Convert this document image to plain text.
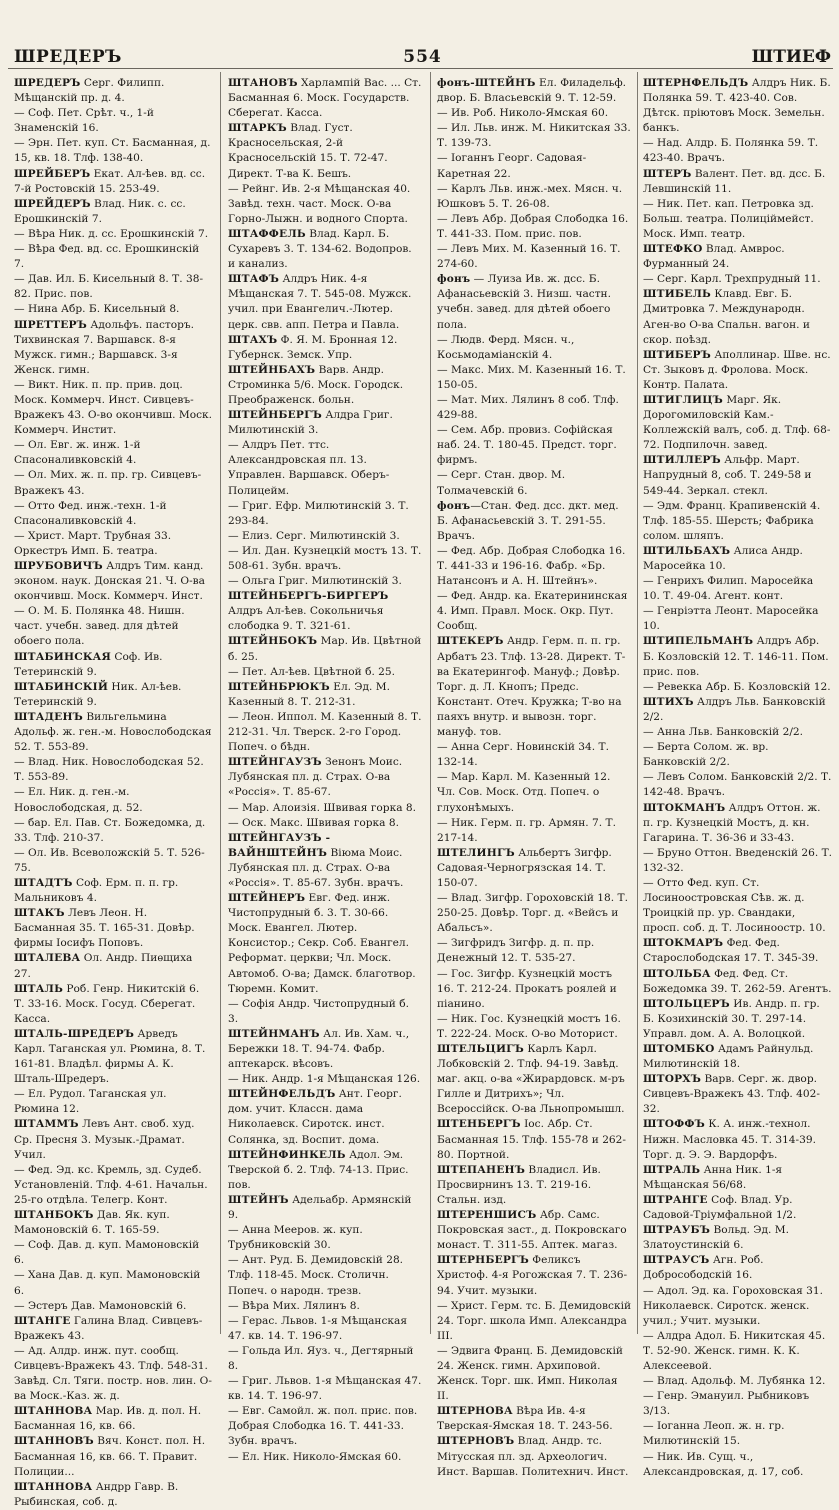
ШРЕДЕРЪ	554	ШТИЕФ

ШРЕДЕРЪ Серг. Филипп. Мѣщанскій пр. д. 4.

— Соф. Пет. Срѣт. ч., 1-й Знаменскій 16.

— Эрн. Пет. куп. Ст. Басманная, д. 15, кв. 18. Тлф. 138-40.

ШРЕЙБЕРЪ Екат. Ал-ѣев. вд. сс. 7-й Ростовскій 15. 253-49.

ШРЕЙДЕРЪ Влад. Ник. с. сс. Ерошкинскій 7.

— Вѣра Ник. д. сс. Ерошкинскій 7.

— Вѣра Фед. вд. сс. Ерошкинскій 7.

— Дав. Ил. Б. Кисельный 8. Т. 38-82. Прис. пов.

— Нина Абр. Б. Кисельный 8.

ШРЕТТЕРЪ Адольфъ. пасторъ. Тихвинская 7. Варшавск. 8-я Мужск. гимн.; Варшавск. 3-я Женск. гимн.

— Викт. Ник. п. пр. прив. доц. Моск. Коммерч. Инст. Сивцевъ-Вражекъ 43. О-во окончивш. Моск. Коммерч. Инстит.

— Ол. Евг. ж. инж. 1-й Спасоналивковскій 4.

— Ол. Мих. ж. п. пр. гр. Сивцевъ-Вражекъ 43.

— Отто Фед. инж.-техн. 1-й Спасоналивковскій 4.

— Христ. Март. Трубная 33. Оркестръ Имп. Б. театра.

ШРУБОВИЧЪ Алдръ Тим. канд. эконом. наук. Донская 21. Ч. О-ва окончивш. Моск. Коммерч. Инст.

— О. М. Б. Полянка 48. Нишн. част. учебн. завед. для дѣтей обоего пола.

ШТАБИНСКАЯ Соф. Ив. Тетеринскій 9.

ШТАБИНСКІЙ Ник. Ал-ѣев. Тетеринскій 9.

ШТАДЕНЪ Вильгельмина Адольф. ж. ген.-м. Новослободская 52. Т. 553-89.

— Влад. Ник. Новослободская 52. Т. 553-89.

— Ел. Ник. д. ген.-м. Новослободская, д. 52.

— бар. Ел. Пав. Ст. Божедомка, д. 33. Тлф. 210-37.

— Ол. Ив. Всеволожскій 5. Т. 526-75.

ШТАДТЪ Соф. Ерм. п. п. гр. Мальниковъ 4.

ШТАКЪ Левъ Леон. Н. Басманная 35. Т. 165-31. Довѣр. фирмы Іосифъ Поповъ.

ШТАЛЕВА Ол. Андр. Пиѳщиха 27.

ШТАЛЬ Роб. Генр. Никитскій 6. Т. 33-16. Моск. Госуд. Сберегат. Касса.

ШТАЛЬ-ШРЕДЕРЪ Арведъ Карл. Таганская ул. Рюмина, 8. Т. 161-81. Владѣл. фирмы А. К. Шталь-Шредеръ.

— Ел. Рудол. Таганская ул. Рюмина 12.

ШТАММЪ Левъ Ант. своб. худ. Ср. Пресня 3. Музык.-Драмат. Учил.

— Фед. Эд. кс. Кремль, зд. Судеб. Установленій. Тлф. 4-61. Начальн. 25-го отдѣла. Телегр. Конт.

ШТАНБОКЪ Дав. Як. куп. Мамоновскій 6. Т. 165-59.

— Соф. Дав. д. куп. Мамоновскій 6.

— Хана Дав. д. куп. Мамоновскій 6.

— Эстеръ Дав. Мамоновскій 6.

ШТАНГЕ Галина Влад. Сивцевъ-Вражекъ 43.

— Ад. Алдр. инж. пут. сообщ. Сивцевъ-Вражекъ 43. Тлф. 548-31. Завѣд. Сл. Тяги. постр. нов. лин. О-ва Моск.-Каз. ж. д.

ШТАННОВА Мар. Ив. д. пол. Н. Басманная 16, кв. 66.

ШТАННОВЪ Вяч. Конст. пол. Н. Басманная 16, кв. 66. Т. Правит. Полиции...

ШТАННОВА Андрр Гавр. В. Рыбинская, соб. д.

ШТАНОВЪ Харлампій Вас. ... Ст. Басманная 6. Моск. Государств. Сберегат. Касса.

ШТАРКЪ Влад. Густ. Красносельская, 2-й Красносельскій 15. Т. 72-47. Директ. Т-ва К. Бешъ.

— Рейнг. Ив. 2-я Мѣщанская 40. Завѣд. техн. част. Моск. О-ва Горно-Лыжн. и водного Спорта.

ШТАФФЕЛЬ Влад. Карл. Б. Сухаревъ 3. Т. 134-62. Водопров. и канализ.

ШТАФЪ Алдръ Ник. 4-я Мѣщанская 7. Т. 545-08. Мужск. учил. при Евангелич.-Лютер. церк. свв. апп. Петра и Павла.

ШТАХЪ Ф. Я. М. Бронная 12. Губернск. Земск. Упр.

ШТЕЙНБАХЪ Варв. Андр. Строминка 5/6. Моск. Городск. Преображенск. больн.

ШТЕЙНБЕРГЪ Алдра Григ. Милютинскій 3.

— Алдръ Пет. ттс. Александровская пл. 13. Управлен. Варшавск. Оберъ-Полицейм.

— Григ. Ефр. Милютинскій 3. Т. 293-84.

— Елиз. Серг. Милютинскій 3.

— Ил. Дан. Кузнецкій мостъ 13. Т. 508-61. Зубн. врачъ.

— Ольга Григ. Милютинскій 3.

ШТЕЙНБЕРГЪ-БИРГЕРЪ Алдръ Ал-ѣев. Сокольничья слободка 9. Т. 321-61.

ШТЕЙНБОКЪ Мар. Ив. Цвѣтной б. 25.

— Пет. Ал-ѣев. Цвѣтной б. 25.

ШТЕЙНБРЮКЪ Ел. Эд. М. Казенный 8. Т. 212-31.

— Леон. Иппол. М. Казенный 8. Т. 212-31. Чл. Тверск. 2-го Город. Попеч. о бѣдн.

ШТЕЙНГАУЗЪ Зенонъ Моис. Лубянская пл. д. Страх. О-ва «Россія». Т. 85-67.

— Мар. Алоизія. Швивая горка 8.

— Оск. Макс. Швивая горка 8.

ШТЕЙНГАУЗЪ - ВАЙНШТЕЙНЪ Віюма Моис. Лубянская пл. д. Страх. О-ва «Россія». Т. 85-67. Зубн. врачъ.

ШТЕЙНЕРЪ Евг. Фед. инж. Чистопрудный б. 3. Т. 30-66. Моск. Евангел. Лютер. Консистор.; Секр. Соб. Евангел. Реформат. церкви; Чл. Моск. Автомоб. О-ва; Дамск. благотвор. Тюремн. Комит.

— Софія Андр. Чистопрудный б. 3.

ШТЕЙНМАНЪ Ал. Ив. Хам. ч., Бережки 18. Т. 94-74. Фабр. аптекарск. вѣсовъ.

— Ник. Андр. 1-я Мѣщанская 126.

ШТЕЙНФЕЛЬДЪ Ант. Георг. дом. учит. Классн. дама Николаевск. Сиротск. инст. Солянка, зд. Воспит. дома.

ШТЕЙНФИНКЕЛЬ Адол. Эм. Тверской б. 2. Тлф. 74-13. Прис. пов.

ШТЕЙНЪ Адельабр. Армянскій 9.

— Анна Мееров. ж. куп. Трубниковскій 30.

— Ант. Руд. Б. Демидовскій 28. Тлф. 118-45. Моск. Столичн. Попеч. о народн. трезв.

— Вѣра Мих. Лялинъ 8.

— Герас. Львов. 1-я Мѣщанская 47. кв. 14. Т. 196-97.

— Гольда Ил. Яуз. ч., Дегтярный 8.

— Григ. Львов. 1-я Мѣщанская 47. кв. 14. Т. 196-97.

— Евг. Самойл. ж. пол. прис. пов. Добрая Слободка 16. Т. 441-33. Зубн. врачъ.

— Ел. Ник. Николо-Ямская 60.

фонъ-ШТЕЙНЪ Ел. Филадельф. двор. Б. Власьевскій 9. Т. 12-59.

— Ив. Роб. Николо-Ямская 60.

— Ил. Льв. инж. М. Никитская 33. Т. 139-73.

— Іоганнъ Георг. Садовая-Каретная 22.

— Карлъ Льв. инж.-мех. Мясн. ч. Юшковъ 5. Т. 26-08.

— Левъ Абр. Добрая Слободка 16. Т. 441-33. Пом. прис. пов.

— Левъ Мих. М. Казенный 16. Т. 274-60.

фонъ — Луиза Ив. ж. дсс. Б. Афанасьевскій 3. Низш. частн. учебн. завед. для дѣтей обоего пола.

— Людв. Ферд. Мясн. ч., Косьмодаміанскій 4.

— Макс. Мих. М. Казенный 16. Т. 150-05.

— Мат. Мих. Лялинъ 8 соб. Тлф. 429-88.

— Сем. Абр. провиз. Софійская наб. 24. Т. 180-45. Предст. торг. фирмъ.

— Серг. Стан. двор. М. Толмачевскій 6.

фонъ—Стан. Фед. дсс. дкт. мед. Б. Афанасьевскій 3. Т. 291-55. Врачъ.

— Фед. Абр. Добрая Слободка 16. Т. 441-33 и 196-16. Фабр. «Бр. Натансонъ и А. Н. Штейнъ».

— Фед. Андр. ка. Екатерининская 4. Имп. Правл. Моск. Окр. Пут. Сообщ.

ШТЕКЕРЪ Андр. Герм. п. п. гр. Арбатъ 23. Тлф. 13-28. Директ. Т-ва Екатерингоф. Мануф.; Довѣр. Торг. д. Л. Кнопъ; Предс. Констант. Отеч. Кружка; Т-во на паяхъ внутр. и вывозн. торг. мануф. тов.

— Анна Серг. Новинскій 34. Т. 132-14.

— Мар. Карл. М. Казенный 12. Чл. Сов. Моск. Отд. Попеч. о глухонѣмыхъ.

— Ник. Герм. п. гр. Армян. 7. Т. 217-14.

ШТЕЛИНГЪ Альбертъ Зигфр. Садовая-Черногрязская 14. Т. 150-07.

— Влад. Зигфр. Гороховскій 18. Т. 250-25. Довѣр. Торг. д. «Вейсъ и Абальсъ».

— Зигфридъ Зигфр. д. п. пр. Денежный 12. Т. 535-27.

— Гос. Зигфр. Кузнецкій мостъ 16. Т. 212-24. Прокатъ роялей и піанино.

— Ник. Гос. Кузнецкій мостъ 16. Т. 222-24. Моск. О-во Моторист.

ШТЕЛЬЦИГЪ Карлъ Карл. Лобковскій 2. Тлф. 94-19. Завѣд. маг. акц. о-ва «Жирардовск. м-ръ Гилле и Дитрихъ»; Чл. Всероссійск. О-ва Льнопромышл.

ШТЕНБЕРГЪ Іос. Абр. Ст. Басманная 15. Тлф. 155-78 и 262-80. Портной.

ШТЕПАНЕНЪ Владисл. Ив. Просвирнинъ 13. Т. 219-16. Стальн. изд.

ШТЕРЕНШИСЪ Абр. Самс. Покровская заст., д. Покровскаго монаст. Т. 311-55. Аптек. магаз.

ШТЕРНБЕРГЪ Феликсъ Христоф. 4-я Рогожская 7. Т. 236-94. Учит. музыки.

— Христ. Герм. тс. Б. Демидовскій 24. Торг. школа Имп. Александра III.

— Эдвига Франц. Б. Демидовскій 24. Женск. гимн. Архиповой. Женск. Торг. шк. Имп. Николая II.

ШТЕРНОВА Вѣра Ив. 4-я Тверская-Ямская 18. Т. 243-56.

ШТЕРНОВЪ Влад. Андр. тс. Мітусская пл. зд. Археологич. Инст. Варшав. Политехнич. Инст.

ШТЕРНФЕЛЬДЪ Алдръ Ник. Б. Полянка 59. Т. 423-40. Сов. Дѣтск. пріютовъ Моск. Земельн. банкъ.

— Над. Алдр. Б. Полянка 59. Т. 423-40. Врачъ.

ШТЕРЪ Валент. Пет. вд. дсс. Б. Левшинскій 11.

— Ник. Пет. кап. Петровка зд. Больш. театра. Полиціймейст. Моск. Имп. театр.

ШТЕФКО Влад. Амврос. Фурманный 24.

— Серг. Карл. Трехпрудный 11.

ШТИБЕЛЬ Клавд. Евг. Б. Дмитровка 7. Международн. Аген-во О-ва Спальн. вагон. и скор. поѣзд.

ШТИБЕРЪ Аполлинар. Шве. нс. Ст. Зыковъ д. Фролова. Моск. Контр. Палата.

ШТИГЛИЦЪ Марг. Як. Дорогомиловскій Кам.-Коллежскій валъ, соб. д. Тлф. 68-72. Подпилочн. завед.

ШТИЛЛЕРЪ Альфр. Март. Напрудный 8, соб. Т. 249-58 и 549-44. Зеркал. стекл.

— Эдм. Франц. Крапивенскій 4. Тлф. 185-55. Шерсть; Фабрика солом. шляпъ.

ШТИЛЬБАХЪ Алиса Андр. Маросейка 10.

— Генрихъ Филип. Маросейка 10. Т. 49-04. Агент. конт.

— Генріэтта Леонт. Маросейка 10.

ШТИПЕЛЬМАНЪ Алдръ Абр. Б. Козловскій 12. Т. 146-11. Пом. прис. пов.

— Ревекка Абр. Б. Козловскій 12.

ШТИХЪ Алдръ Льв. Банковскій 2/2.

— Анна Льв. Банковскій 2/2.

— Берта Солом. ж. вр. Банковскій 2/2.

— Левъ Солом. Банковскій 2/2. Т. 142-48. Врачъ.

ШТОКМАНЪ Алдръ Оттон. ж. п. гр. Кузнецкій Мостъ, д. кн. Гагарина. Т. 36-36 и 33-43.

— Бруно Оттон. Введенскій 26. Т. 132-32.

— Отто Фед. куп. Ст. Лосиноостровская Сѣв. ж. д. Троицкій пр. ур. Свандаки, просп. соб. д. Т. Лосиноостр. 10.

ШТОКМАРЪ Фед. Фед. Старослободская 17. Т. 345-39.

ШТОЛЬБА Фед. Фед. Ст. Божедомка 39. Т. 262-59. Агентъ.

ШТОЛЬЦЕРЪ Ив. Андр. п. гр. Б. Козихинскій 30. Т. 297-14. Управл. дом. А. А. Волоцкой.

ШТОМБКО Адамъ Райнульд. Милютинскій 18.

ШТОРХЪ Варв. Серг. ж. двор. Сивцевъ-Вражекъ 43. Тлф. 402-32.

ШТОФФЪ К. А. инж.-технол. Нижн. Масловка 45. Т. 314-39. Торг. д. Э. Э. Вардорфъ.

ШТРАЛЬ Анна Ник. 1-я Мѣщанская 56/68.

ШТРАНГЕ Соф. Влад. Ур. Садовой-Тріумфальной 1/2.

ШТРАУБЪ Вольд. Эд. М. Златоустинскій 6.

ШТРАУСЪ Агн. Роб. Добросободскій 16.

— Адол. Эд. ка. Гороховская 31. Николаевск. Сиротск. женск. учил.; Учит. музыки.

— Алдра Адол. Б. Никитская 45. Т. 52-90. Женск. гимн. К. К. Алексеевой.

— Влад. Адольф. М. Лубянка 12.

— Генр. Эмануил. Рыбниковъ 3/13.

— Іоганна Леоп. ж. н. гр. Милютинскій 15.

— Ник. Ив. Сущ. ч., Александровская, д. 17, соб.
